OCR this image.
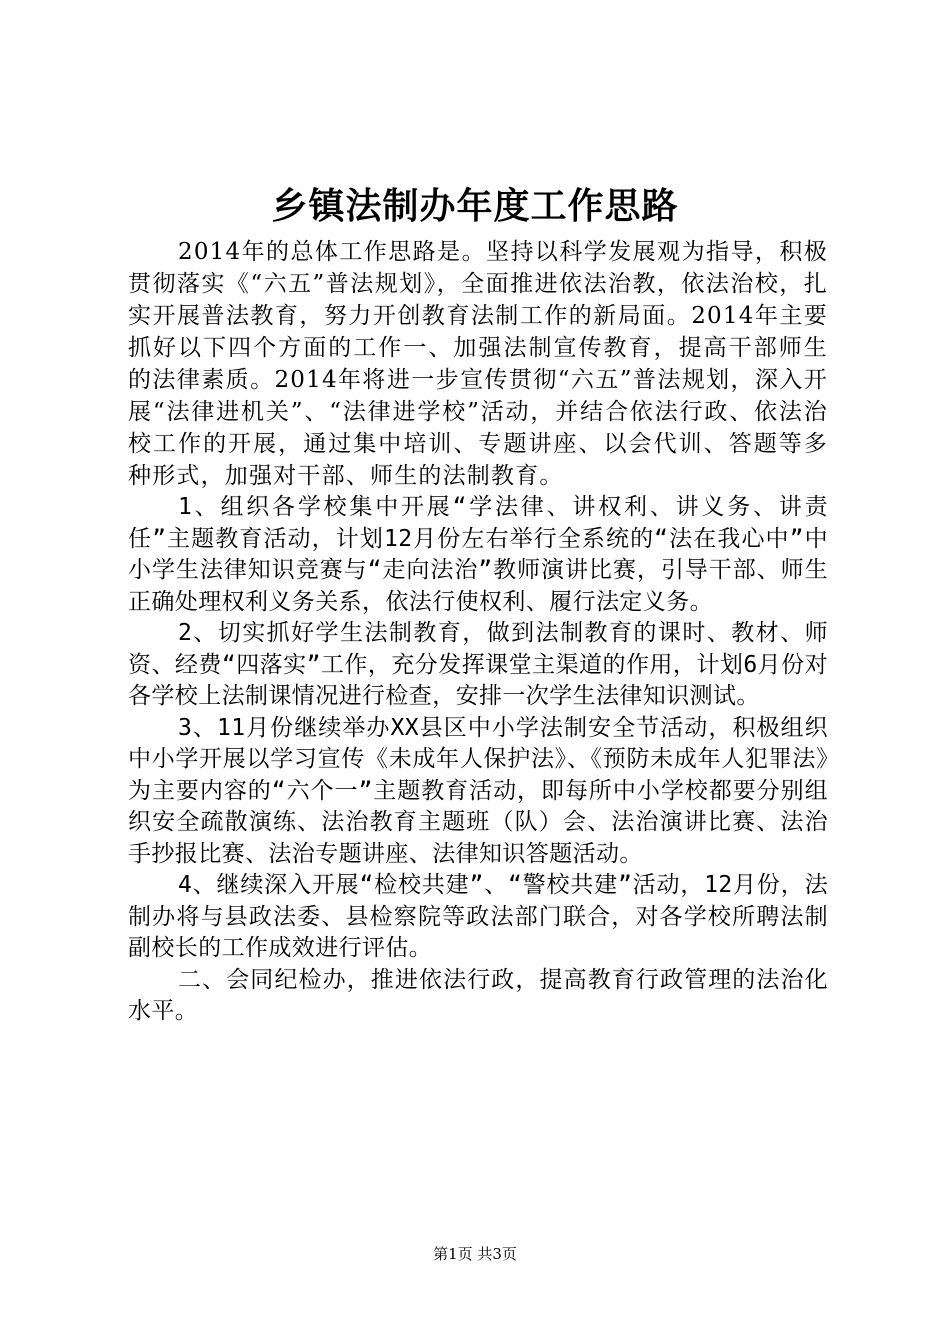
乡镇法制办年度工作思路

2014年的总体工作思路是。坚持以科学发展观为指导，积极贯彻落实《“六五”普法规划》，全面推进依法治教，依法治校，扎实开展普法教育，努力开创教育法制工作的新局面。2014年主要抓好以下四个方面的工作一、加强法制宣传教育，提高干部师生的法律素质。2014年将进一步宣传贯彻“六五”普法规划，深入开展“法律进机关”、“法律进学校”活动，并结合依法行政、依法治校工作的开展，通过集中培训、专题讲座、以会代训、答题等多种形式，加强对干部、师生的法制教育。

1、组织各学校集中开展“学法律、讲权利、讲义务、讲责任”主题教育活动，计划12月份左右举行全系统的“法在我心中”中小学生法律知识竞赛与“走向法治”教师演讲比赛，引导干部、师生正确处理权利义务关系，依法行使权利、履行法定义务。

2、切实抓好学生法制教育，做到法制教育的课时、教材、师资、经费“四落实”工作，充分发挥课堂主渠道的作用，计划6月份对各学校上法制课情况进行检查，安排一次学生法律知识测试。

3、11月份继续举办XX县区中小学法制安全节活动，积极组织中小学开展以学习宣传《未成年人保护法》、《预防未成年人犯罪法》为主要内容的“六个一”主题教育活动，即每所中小学校都要分别组织安全疏散演练、法治教育主题班（队）会、法治演讲比赛、法治手抄报比赛、法治专题讲座、法律知识答题活动。

4、继续深入开展“检校共建”、“警校共建”活动，12月份，法制办将与县政法委、县检察院等政法部门联合，对各学校所聘法制副校长的工作成效进行评估。

二、会同纪检办，推进依法行政，提高教育行政管理的法治化水平。

第1页 共3页
